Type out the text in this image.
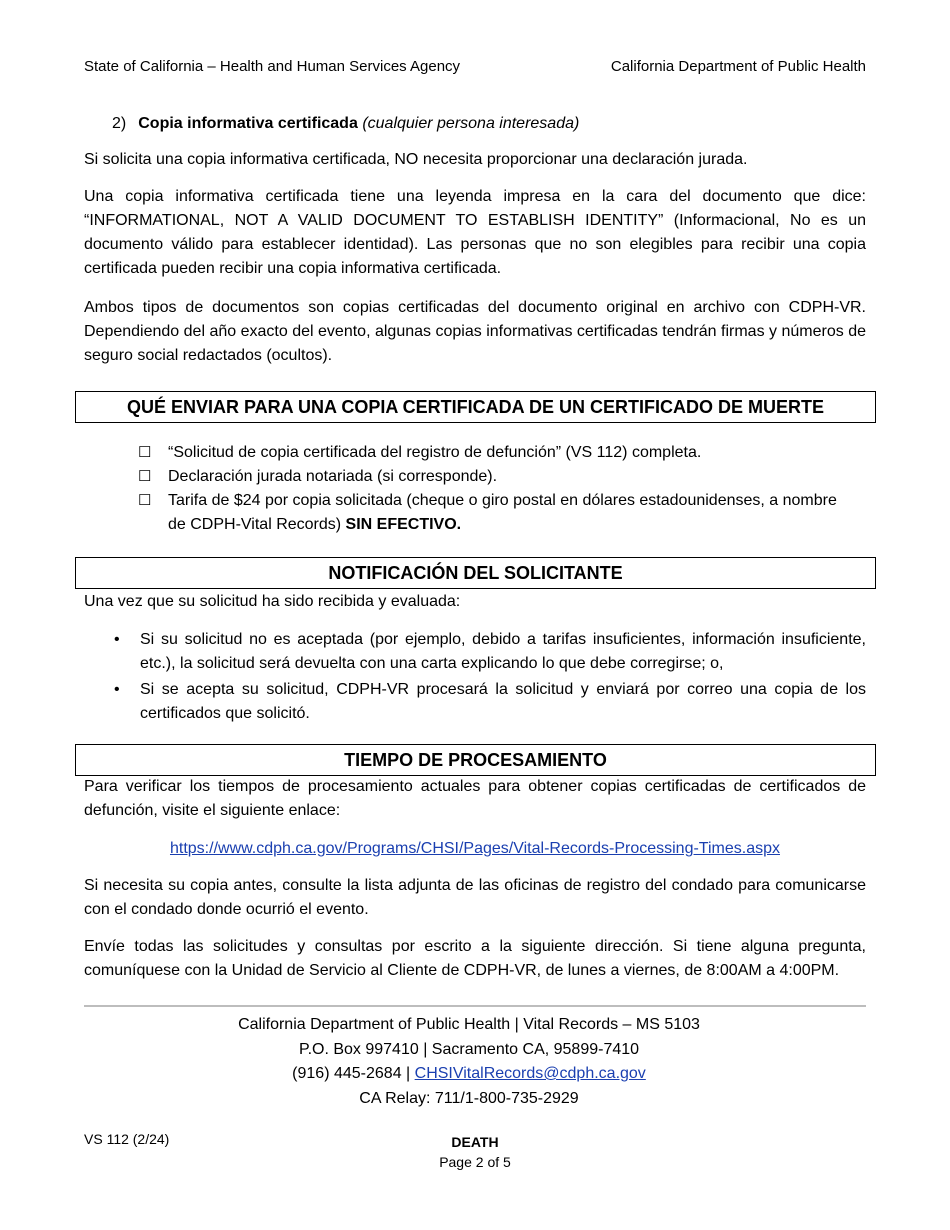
State of California – Health and Human Services Agency	California Department of Public Health
2) Copia informativa certificada (cualquier persona interesada)
Si solicita una copia informativa certificada, NO necesita proporcionar una declaración jurada.
Una copia informativa certificada tiene una leyenda impresa en la cara del documento que dice: “INFORMATIONAL, NOT A VALID DOCUMENT TO ESTABLISH IDENTITY” (Informacional, No es un documento válido para establecer identidad). Las personas que no son elegibles para recibir una copia certificada pueden recibir una copia informativa certificada.
Ambos tipos de documentos son copias certificadas del documento original en archivo con CDPH-VR. Dependiendo del año exacto del evento, algunas copias informativas certificadas tendrán firmas y números de seguro social redactados (ocultos).
QUÉ ENVIAR PARA UNA COPIA CERTIFICADA DE UN CERTIFICADO DE MUERTE
☐ “Solicitud de copia certificada del registro de defunción” (VS 112) completa.
☐ Declaración jurada notariada (si corresponde).
☐ Tarifa de $24 por copia solicitada (cheque o giro postal en dólares estadounidenses, a nombre de CDPH-Vital Records) SIN EFECTIVO.
NOTIFICACIÓN DEL SOLICITANTE
Una vez que su solicitud ha sido recibida y evaluada:
• Si su solicitud no es aceptada (por ejemplo, debido a tarifas insuficientes, información insuficiente, etc.), la solicitud será devuelta con una carta explicando lo que debe corregirse; o,
• Si se acepta su solicitud, CDPH-VR procesará la solicitud y enviará por correo una copia de los certificados que solicitó.
TIEMPO DE PROCESAMIENTO
Para verificar los tiempos de procesamiento actuales para obtener copias certificadas de certificados de defunción, visite el siguiente enlace:
https://www.cdph.ca.gov/Programs/CHSI/Pages/Vital-Records-Processing-Times.aspx
Si necesita su copia antes, consulte la lista adjunta de las oficinas de registro del condado para comunicarse con el condado donde ocurrió el evento.
Envíe todas las solicitudes y consultas por escrito a la siguiente dirección. Si tiene alguna pregunta, comuníquese con la Unidad de Servicio al Cliente de CDPH-VR, de lunes a viernes, de 8:00AM a 4:00PM.
California Department of Public Health | Vital Records – MS 5103
P.O. Box 997410 | Sacramento CA, 95899-7410
(916) 445-2684 | CHSIVitalRecords@cdph.ca.gov
CA Relay: 711/1-800-735-2929
VS 112 (2/24)	DEATH
Page 2 of 5
